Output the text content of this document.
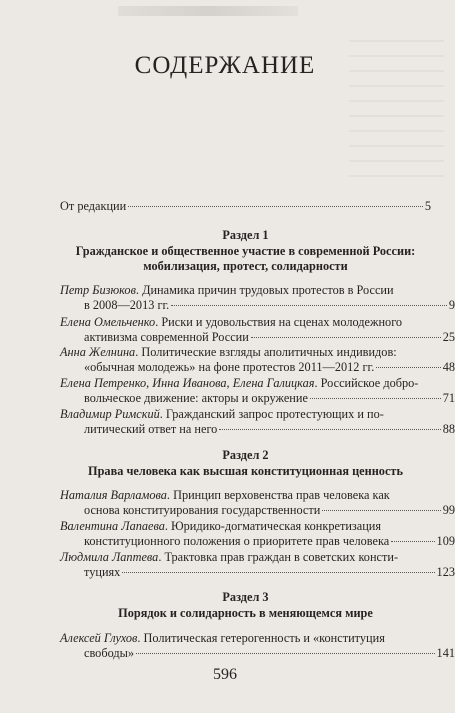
СОДЕРЖАНИЕ
От редакции	5
Раздел 1
Гражданское и общественное участие в современной России:
мобилизация, протест, солидарности
Петр Бизюков. Динамика причин трудовых протестов в России
в 2008—2013 гг.	9
Елена Омельченко. Риски и удовольствия на сценах молодежного
активизма современной России	25
Анна Желнина. Политические взгляды аполитичных индивидов:
«обычная молодежь» на фоне протестов 2011—2012 гг.	48
Елена Петренко, Инна Иванова, Елена Галицкая. Российское добро-
вольческое движение: акторы и окружение	71
Владимир Римский. Гражданский запрос протестующих и по-
литический ответ на него	88
Раздел 2
Права человека как высшая конституционная ценность
Наталия Варламова. Принцип верховенства прав человека как
основа конституирования государственности	99
Валентина Лапаева. Юридико-догматическая конкретизация
конституционного положения о приоритете прав человека	109
Людмила Лаптева. Трактовка прав граждан в советских консти-
туциях	123
Раздел 3
Порядок и солидарность в меняющемся мире
Алексей Глухов. Политическая гетерогенность и «конституция
свободы»	141
596
